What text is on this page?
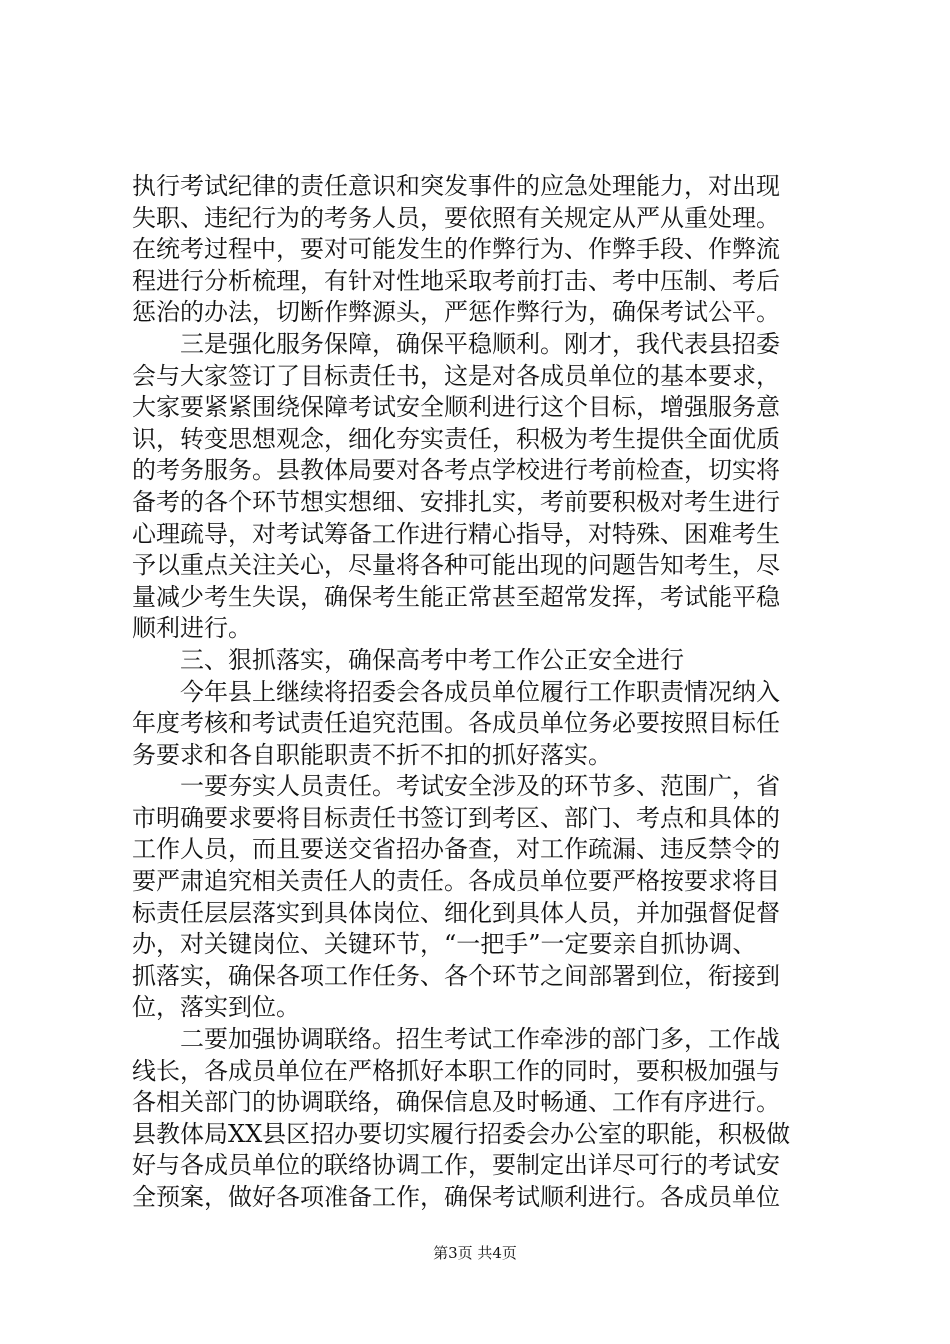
执行考试纪律的责任意识和突发事件的应急处理能力，对出现
失职、违纪行为的考务人员，要依照有关规定从严从重处理。
在统考过程中，要对可能发生的作弊行为、作弊手段、作弊流
程进行分析梳理，有针对性地采取考前打击、考中压制、考后
惩治的办法，切断作弊源头，严惩作弊行为，确保考试公平。
　　三是强化服务保障，确保平稳顺利。刚才，我代表县招委
会与大家签订了目标责任书，这是对各成员单位的基本要求，
大家要紧紧围绕保障考试安全顺利进行这个目标，增强服务意
识，转变思想观念，细化夯实责任，积极为考生提供全面优质
的考务服务。县教体局要对各考点学校进行考前检查，切实将
备考的各个环节想实想细、安排扎实，考前要积极对考生进行
心理疏导，对考试筹备工作进行精心指导，对特殊、困难考生
予以重点关注关心，尽量将各种可能出现的问题告知考生，尽
量减少考生失误，确保考生能正常甚至超常发挥，考试能平稳
顺利进行。
　　三、狠抓落实，确保高考中考工作公正安全进行
　　今年县上继续将招委会各成员单位履行工作职责情况纳入
年度考核和考试责任追究范围。各成员单位务必要按照目标任
务要求和各自职能职责不折不扣的抓好落实。
　　一要夯实人员责任。考试安全涉及的环节多、范围广，省
市明确要求要将目标责任书签订到考区、部门、考点和具体的
工作人员，而且要送交省招办备查，对工作疏漏、违反禁令的
要严肃追究相关责任人的责任。各成员单位要严格按要求将目
标责任层层落实到具体岗位、细化到具体人员，并加强督促督
办，对关键岗位、关键环节，“一把手”一定要亲自抓协调、
抓落实，确保各项工作任务、各个环节之间部署到位，衔接到
位，落实到位。
　　二要加强协调联络。招生考试工作牵涉的部门多，工作战
线长，各成员单位在严格抓好本职工作的同时，要积极加强与
各相关部门的协调联络，确保信息及时畅通、工作有序进行。
县教体局XX县区招办要切实履行招委会办公室的职能，积极做
好与各成员单位的联络协调工作，要制定出详尽可行的考试安
全预案，做好各项准备工作，确保考试顺利进行。各成员单位
第3页 共4页
